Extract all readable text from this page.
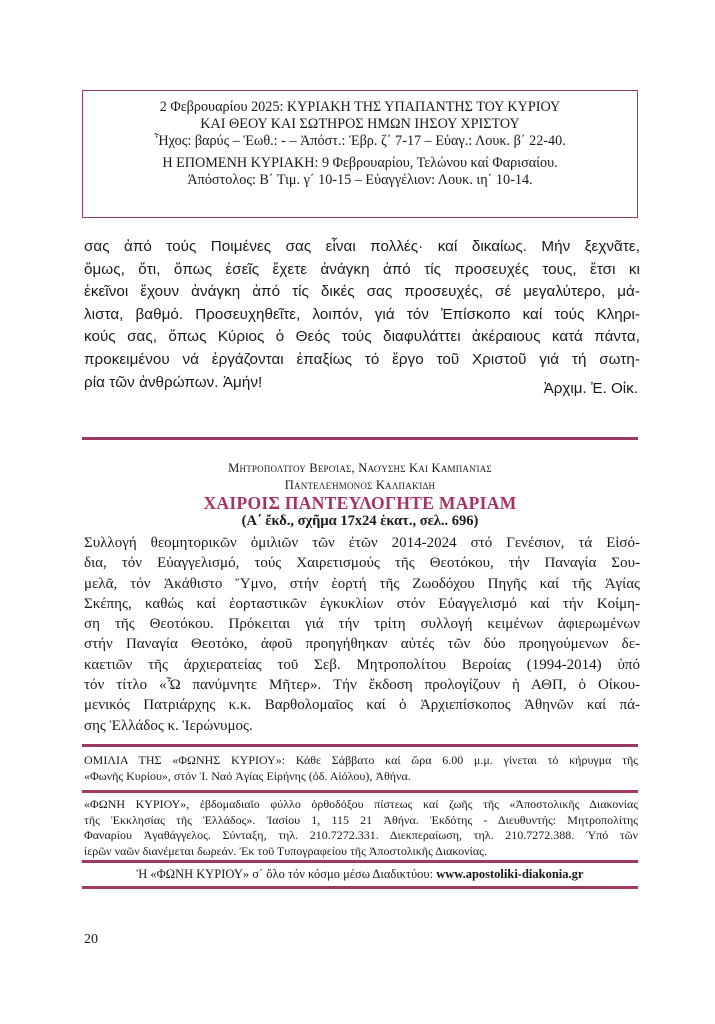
2 Φεβρουαρίου 2025: ΚΥΡΙΑΚΗ ΤΗΣ ΥΠΑΠΑΝΤΗΣ ΤΟΥ ΚΥΡΙΟΥ
ΚΑΙ ΘΕΟΥ ΚΑΙ ΣΩΤΗΡΟΣ ΗΜΩΝ ΙΗΣΟΥ ΧΡΙΣΤΟΥ
Ἦχος: βαρύς – Ἑωθ.: - – Ἀπόστ.: Ἑβρ. ζ΄ 7-17 – Εὐαγ.: Λουκ. β΄ 22-40.
Η ΕΠΟΜΕΝΗ ΚΥΡΙΑΚΗ: 9 Φεβρουαρίου, Τελώνου καί Φαρισαίου.
Ἀπόστολος: Β΄ Τιμ. γ΄ 10-15 – Εὐαγγέλιον: Λουκ. ιη΄ 10-14.
σας ἀπό τούς Ποιμένες σας εἶναι πολλές· καί δικαίως. Μήν ξεχνᾶτε,
ὅμως, ὅτι, ὅπως ἐσεῖς ἔχετε ἀνάγκη ἀπό τίς προσευχές τους, ἔτσι κι
ἐκεῖνοι ἔχουν ἀνάγκη ἀπό τίς δικές σας προσευχές, σέ μεγαλύτερο, μά-
λιστα, βαθμό. Προσευχηθεῖτε, λοιπόν, γιά τόν Ἐπίσκοπο καί τούς Κληρι-
κούς σας, ὅπως Κύριος ὁ Θεός τούς διαφυλάττει ἀκέραιους κατά πάντα,
προκειμένου νά ἐργάζονται ἐπαξίως τό ἔργο τοῦ Χριστοῦ γιά τή σωτη-
ρία τῶν ἀνθρώπων. Ἀμήν!	Ἀρχιμ. Ἐ. Οἰκ.
Μητροπολίτου Βεροίας, Ναούσης Και Καμπανίας
Παντελεήμονος Καλπακίδη
ΧΑΙΡΟΙΣ ΠΑΝΤΕΥΛΟΓΗΤΕ ΜΑΡΙΑΜ
(Α΄ ἔκδ., σχῆμα 17x24 ἑκατ., σελ.. 696)
Συλλογή θεομητορικῶν ὁμιλιῶν τῶν ἐτῶν 2014-2024 στό Γενέσιον, τά Εἰσό-
δια, τόν Εὐαγγελισμό, τούς Χαιρετισμούς τῆς Θεοτόκου, τήν Παναγία Σου-
μελᾶ, τόν Ἀκάθιστο Ὕμνο, στήν ἑορτή τῆς Ζωοδόχου Πηγῆς καί τῆς Ἁγίας
Σκέπης, καθώς καί ἑορταστικῶν ἐγκυκλίων στόν Εὐαγγελισμό καί τήν Κοίμη-
ση τῆς Θεοτόκου. Πρόκειται γιά τήν τρίτη συλλογή κειμένων ἀφιερωμένων
στήν Παναγία Θεοτόκο, ἀφοῦ προηγήθηκαν αὐτές τῶν δύο προηγούμενων δε-
καετιῶν τῆς ἀρχιερατείας τοῦ Σεβ. Μητροπολίτου Βεροίας (1994-2014) ὑπό
τόν τίτλο «Ὦ πανύμνητε Μῆτερ». Τήν ἔκδοση προλογίζουν ἡ ΑΘΠ, ὁ Οἰκου-
μενικός Πατριάρχης κ.κ. Βαρθολομαῖος καί ὁ Ἀρχιεπίσκοπος Ἀθηνῶν καί πά-
σης Ἑλλάδος κ. Ἱερώνυμος.
ΟΜΙΛΙΑ ΤΗΣ «ΦΩΝΗΣ ΚΥΡΙΟΥ»: Κάθε Σάββατο καί ὥρα 6.00 μ.μ. γίνεται τό κήρυγμα τῆς
«Φωνῆς Κυρίου», στόν Ἱ. Ναό Ἁγίας Εἰρήνης (ὁδ. Αἰόλου), Ἀθήνα.
«ΦΩΝΗ ΚΥΡΙΟΥ», ἑβδομαδιαῖο φύλλο ὀρθοδόξου πίστεως καί ζωῆς τῆς «Ἀποστολικῆς Διακονίας
τῆς Ἐκκλησίας τῆς Ἑλλάδος». Ἰασίου 1, 115 21 Ἀθήνα. Ἐκδότης - Διευθυντής: Μητροπολίτης
Φαναρίου Ἀγαθάγγελος. Σύνταξη, τηλ. 210.7272.331. Διεκπεραίωση, τηλ. 210.7272.388. Ὑπό τῶν
ἱερῶν ναῶν διανέμεται δωρεάν. Ἐκ τοῦ Τυπογραφείου τῆς Ἀποστολικῆς Διακονίας.
Ἡ «ΦΩΝΗ ΚΥΡΙΟΥ» σ΄ ὅλο τόν κόσμο μέσω Διαδικτύου: www.apostoliki-diakonia.gr
20
